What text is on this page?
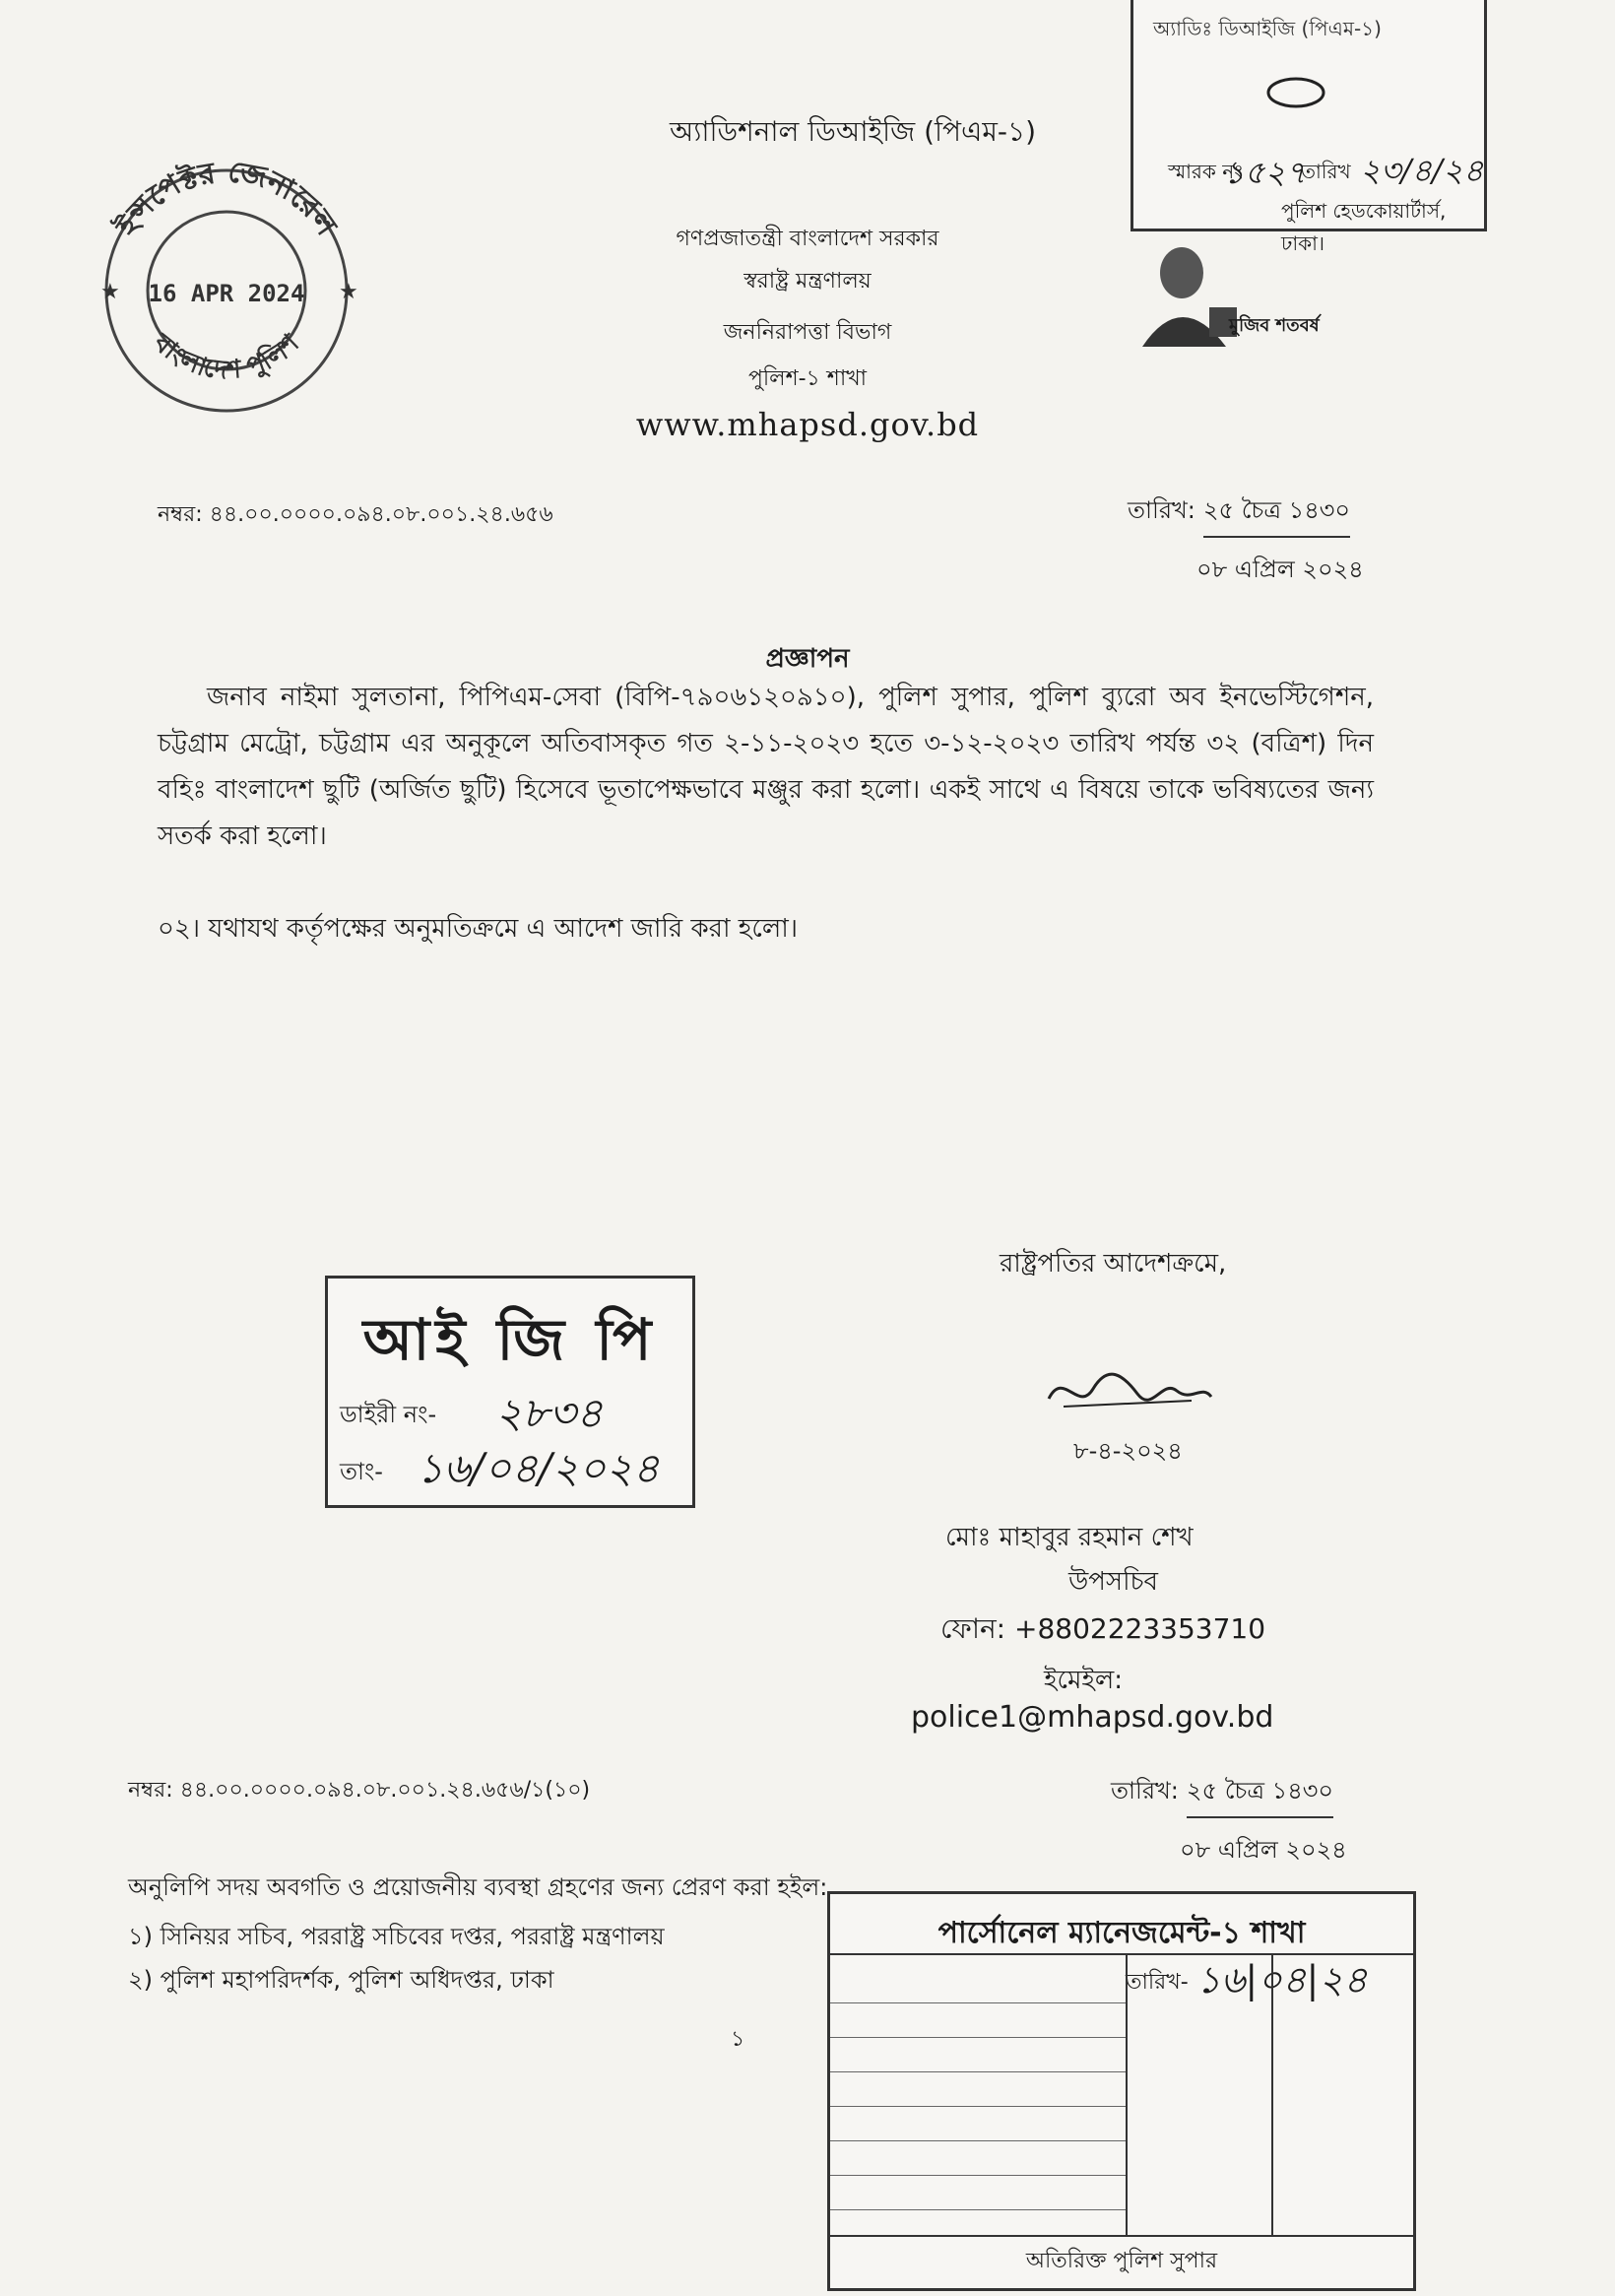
ইন্সপেক্টর জেনারেল
বাংলাদেশ পুলিশ
16 APR 2024
★	★
অ্যাডিশনাল ডিআইজি (পিএম-১)
গণপ্রজাতন্ত্রী বাংলাদেশ সরকার
স্বরাষ্ট্র মন্ত্রণালয়
জননিরাপত্তা বিভাগ
পুলিশ-১ শাখা
www.mhapsd.gov.bd
অ্যাডিঃ ডিআইজি (পিএম-১)
স্মারক নং
১৫২৭
তারিখ ২৩/৪/২৪
পুলিশ হেডকোয়ার্টার্স, ঢাকা।
মুজিব শতবর্ষ
নম্বর: ৪৪.০০.০০০০.০৯৪.০৮.০০১.২৪.৬৫৬	তারিখ: ২৫ চৈত্র ১৪৩০
০৮ এপ্রিল ২০২৪
প্রজ্ঞাপন
জনাব নাইমা সুলতানা, পিপিএম-সেবা (বিপি-৭৯০৬১২০৯১০), পুলিশ সুপার, পুলিশ ব্যুরো অব ইনভেস্টিগেশন, চট্টগ্রাম মেট্রো, চট্টগ্রাম এর অনুকূলে অতিবাসকৃত গত ২-১১-২০২৩ হতে ৩-১২-২০২৩ তারিখ পর্যন্ত ৩২ (বত্রিশ) দিন বহিঃ বাংলাদেশ ছুটি (অর্জিত ছুটি) হিসেবে ভূতাপেক্ষভাবে মঞ্জুর করা হলো। একই সাথে এ বিষয়ে তাকে ভবিষ্যতের জন্য সতর্ক করা হলো।
০২। যথাযথ কর্তৃপক্ষের অনুমতিক্রমে এ আদেশ জারি করা হলো।
আই জি পি
ডাইরী নং- ২৮৩৪
তাং- ১৬/০৪/২০২৪
রাষ্ট্রপতির আদেশক্রমে,
৮-৪-২০২৪
মোঃ মাহাবুর রহমান শেখ
উপসচিব
ফোন: +8802223353710
ইমেইল:
police1@mhapsd.gov.bd
নম্বর: ৪৪.০০.০০০০.০৯৪.০৮.০০১.২৪.৬৫৬/১(১০)	তারিখ: ২৫ চৈত্র ১৪৩০
০৮ এপ্রিল ২০২৪
অনুলিপি সদয় অবগতি ও প্রয়োজনীয় ব্যবস্থা গ্রহণের জন্য প্রেরণ করা হইল:
১) সিনিয়র সচিব, পররাষ্ট্র সচিবের দপ্তর, পররাষ্ট্র মন্ত্রণালয়
২) পুলিশ মহাপরিদর্শক, পুলিশ অধিদপ্তর, ঢাকা
১
পার্সোনেল ম্যানেজমেন্ট-১ শাখা
তারিখ- ১৬|০৪|২৪
অতিরিক্ত পুলিশ সুপার
